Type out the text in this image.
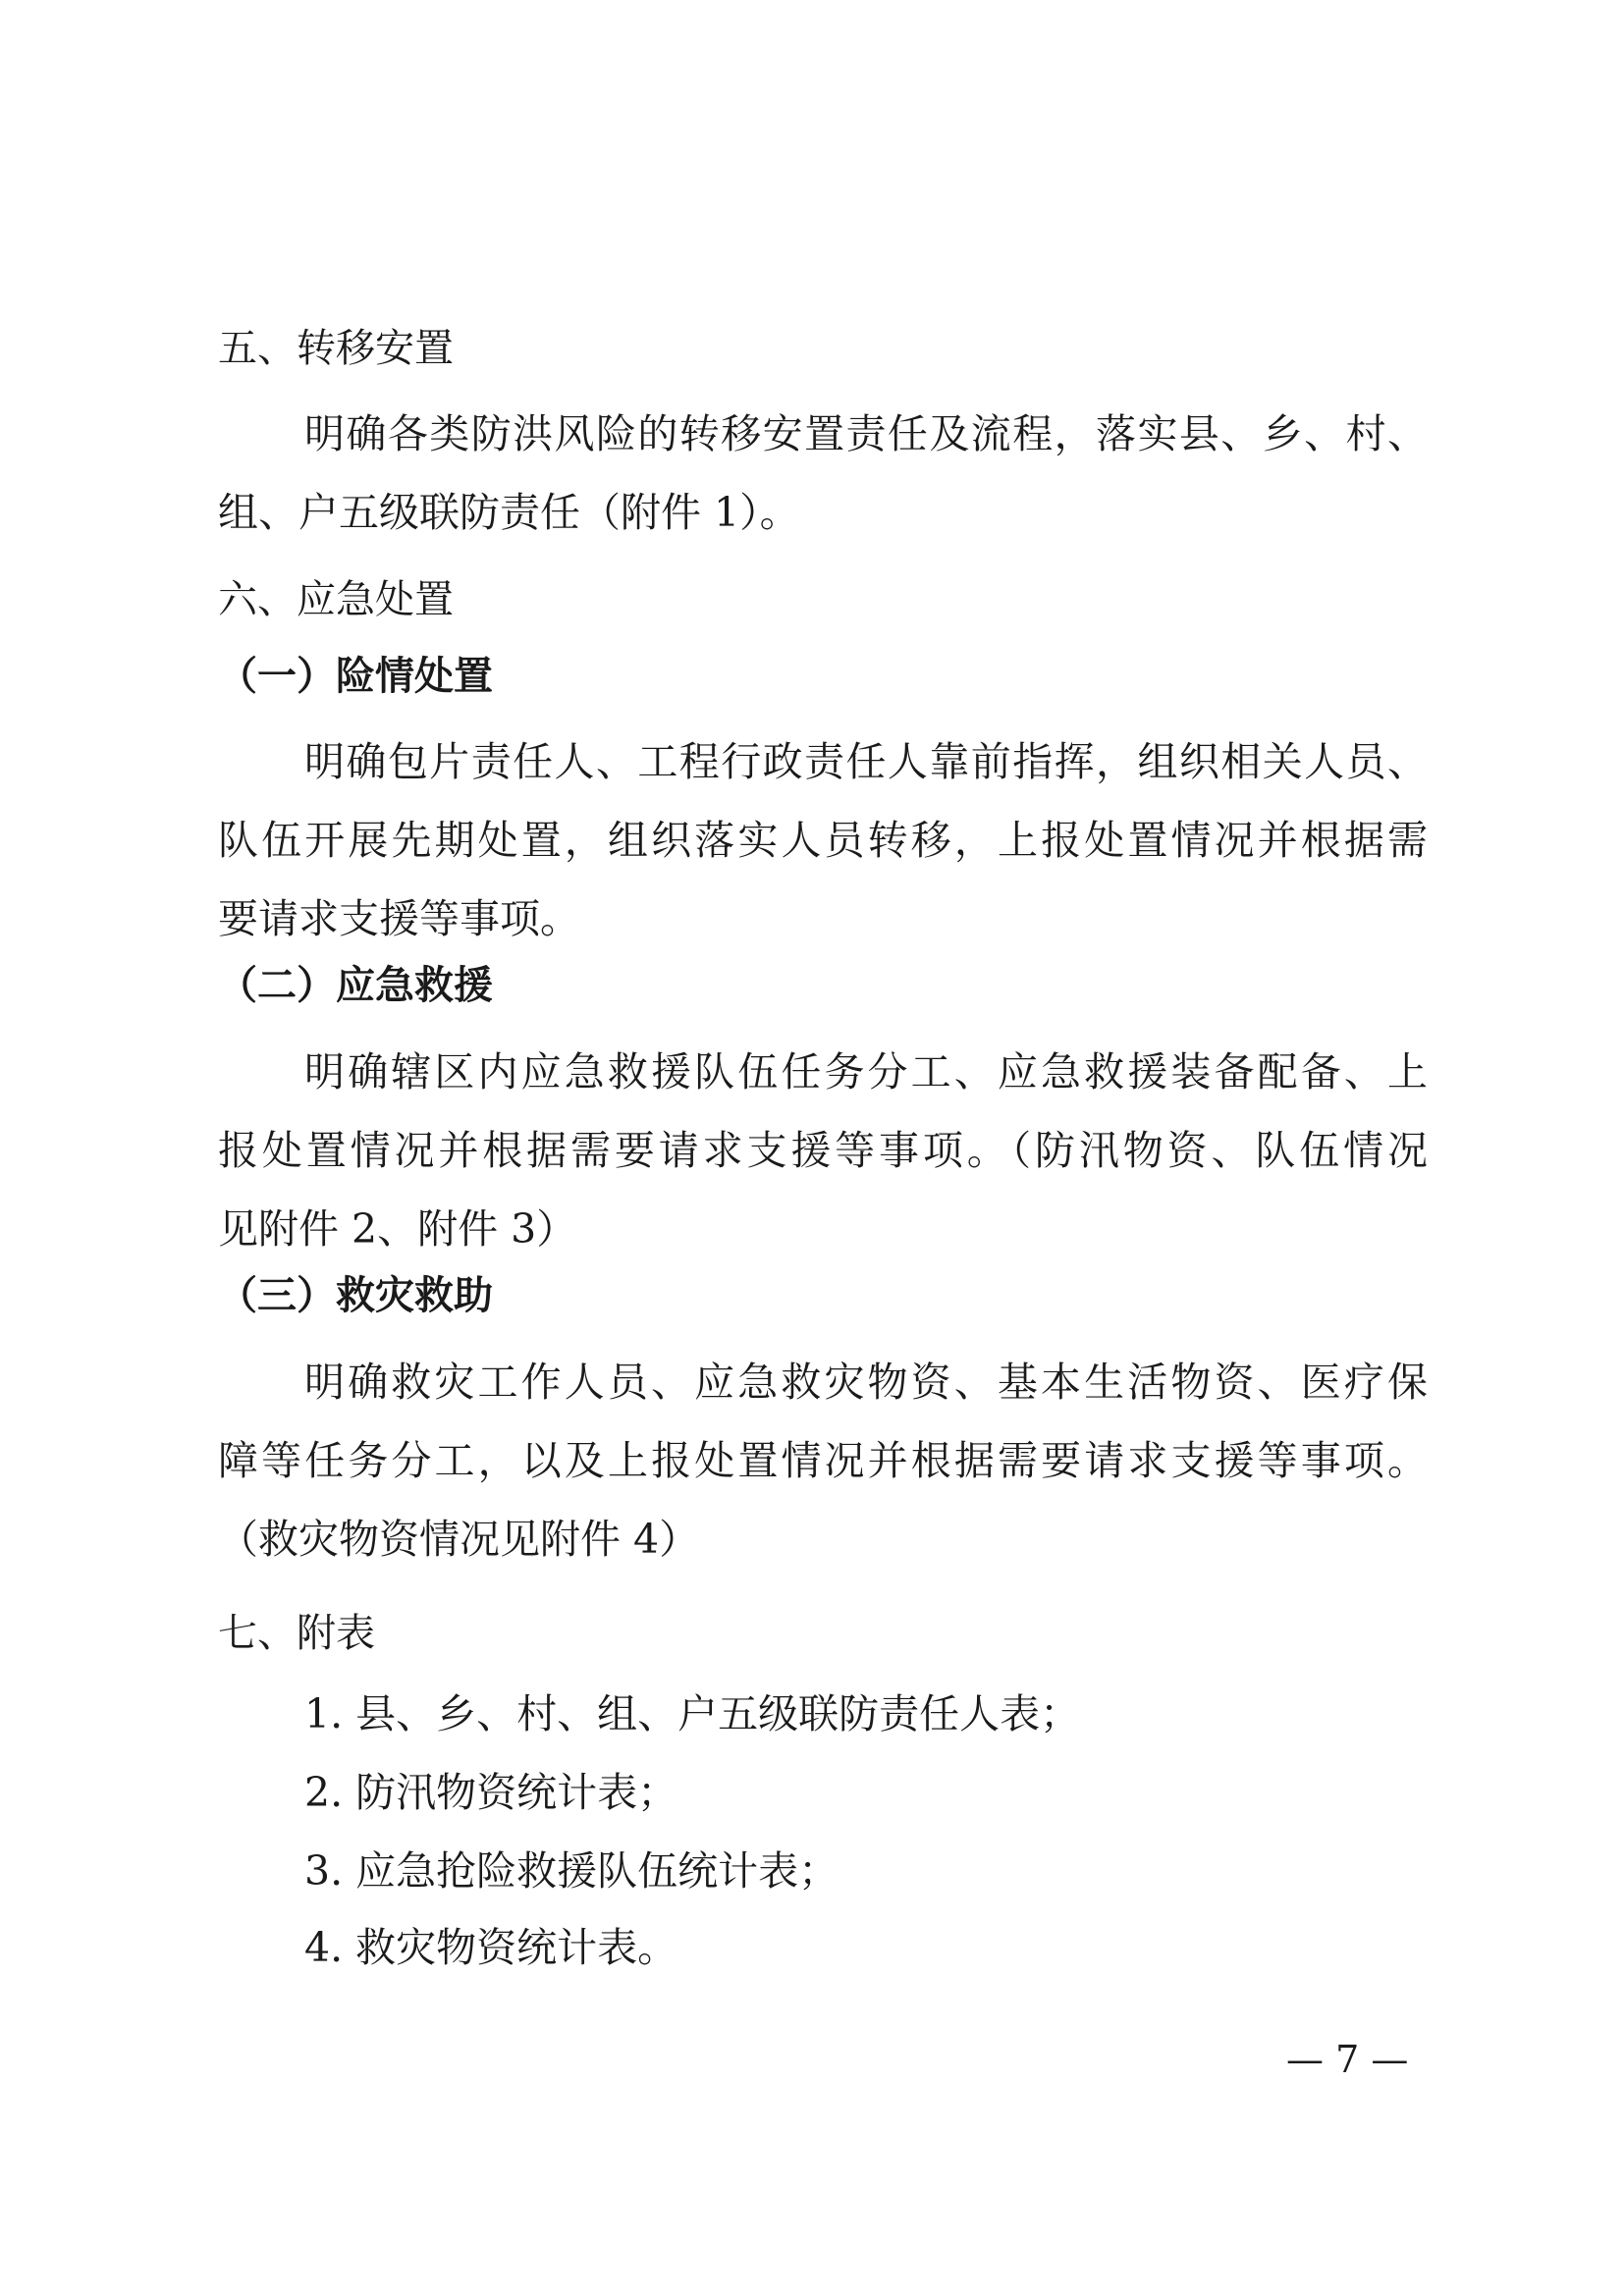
五、转移安置
明确各类防洪风险的转移安置责任及流程，落实县、乡、村、
组、户五级联防责任（附件 1）。
六、应急处置
（一）险情处置
明确包片责任人、工程行政责任人靠前指挥，组织相关人员、
队伍开展先期处置，组织落实人员转移，上报处置情况并根据需
要请求支援等事项。
（二）应急救援
明确辖区内应急救援队伍任务分工、应急救援装备配备、上
报处置情况并根据需要请求支援等事项。（防汛物资、队伍情况
见附件 2、附件 3）
（三）救灾救助
明确救灾工作人员、应急救灾物资、基本生活物资、医疗保
障等任务分工，以及上报处置情况并根据需要请求支援等事项。
（救灾物资情况见附件 4）
七、附表
1. 县、乡、村、组、户五级联防责任人表；
2. 防汛物资统计表；
3. 应急抢险救援队伍统计表；
4. 救灾物资统计表。
— 7 —
